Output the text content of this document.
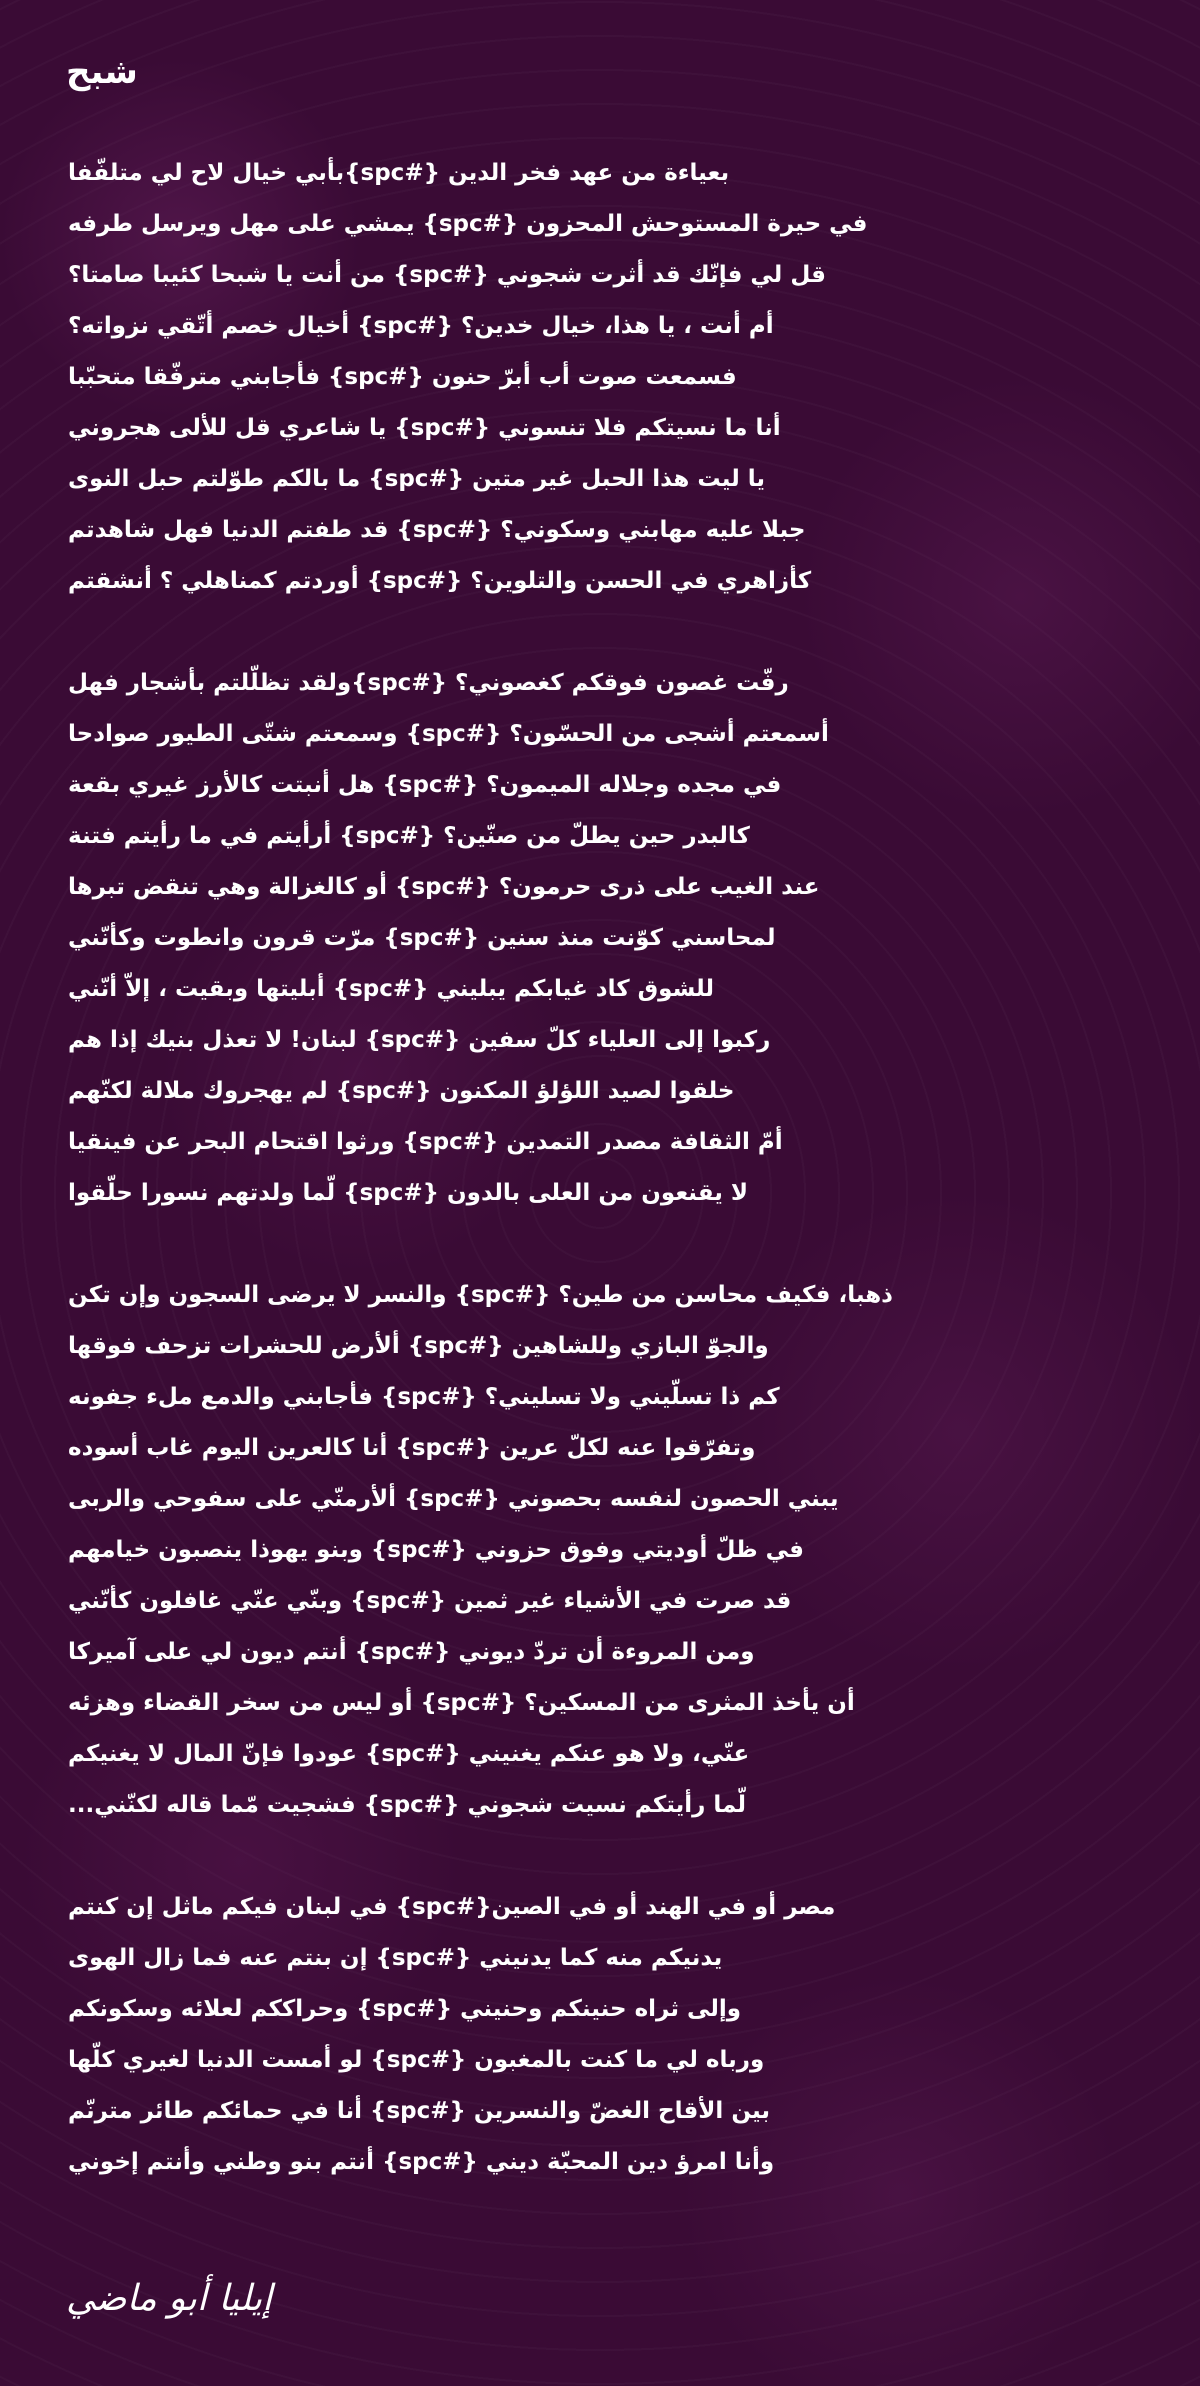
شبح
بعياءة من عهد فخر الدين {#spc}بأبي خيال لاح لي متلفّفا
في حيرة المستوحش المحزون {#spc} يمشي على مهل ويرسل طرفه
قل لي فإنّك قد أثرت شجوني {#spc} من أنت يا شبحا كئيبا صامتا؟
أم أنت ، يا هذا، خيال خدين؟ {#spc} أخيال خصم أتّقي نزواته؟
فسمعت صوت أب أبرّ حنون {#spc} فأجابني مترفّقا متحبّبا
أنا ما نسيتكم فلا تنسوني {#spc} يا شاعري قل للألى هجروني
يا ليت هذا الحبل غير متين {#spc} ما بالكم طوّلتم حبل النوى
جبلا عليه مهابني وسكوني؟ {#spc} قد طفتم الدنيا فهل شاهدتم
كأزاهري في الحسن والتلوين؟ {#spc} أوردتم كمناهلي ؟ أنشقتم
رفّت غصون فوقكم كغصوني؟ {#spc}ولقد تظلّلتم بأشجار فهل
أسمعتم أشجى من الحسّون؟ {#spc} وسمعتم شتّى الطيور صوادحا
في مجده وجلاله الميمون؟ {#spc} هل أنبتت كالأرز غيري بقعة
كالبدر حين يطلّ من صنّين؟ {#spc} أرأيتم في ما رأيتم فتنة
عند الغيب على ذرى حرمون؟ {#spc} أو كالغزالة وهي تنقض تبرها
لمحاسني كوّنت منذ سنين {#spc} مرّت قرون وانطوت وكأنّني
للشوق كاد غيابكم يبليني {#spc} أبليتها وبقيت ، إلاّ أنّني
ركبوا إلى العلياء كلّ سفين {#spc} لبنان! لا تعذل بنيك إذا هم
خلقوا لصيد اللؤلؤ المكنون {#spc} لم يهجروك ملالة لكنّهم
أمّ الثقافة مصدر التمدين {#spc} ورثوا اقتحام البحر عن فينقيا
لا يقنعون من العلى بالدون {#spc} لّما ولدتهم نسورا حلّقوا
ذهبا، فكيف محاسن من طين؟ {#spc} والنسر لا يرضى السجون وإن تكن
والجوّ البازي وللشاهين {#spc} ألأرض للحشرات تزحف فوقها
كم ذا تسلّيني ولا تسليني؟ {#spc} فأجابني والدمع ملء جفونه
وتفرّقوا عنه لكلّ عرين {#spc} أنا كالعرين اليوم غاب أسوده
يبني الحصون لنفسه بحصوني {#spc} ألأرمنّي على سفوحي والربى
في ظلّ أوديتي وفوق حزوني {#spc} وبنو يهوذا ينصبون خيامهم
قد صرت في الأشياء غير ثمين {#spc} وبنّي عنّي غافلون كأنّني
ومن المروءة أن تردّ ديوني {#spc} أنتم ديون لي على آميركا
أن يأخذ المثرى من المسكين؟ {#spc} أو ليس من سخر القضاء وهزئه
عنّي، ولا هو عنكم يغنيني {#spc} عودوا فإنّ المال لا يغنيكم
لّما رأيتكم نسيت شجوني {#spc} فشجيت مّما قاله لكنّني...
مصر أو في الهند أو في الصين{#spc} في لبنان فيكم ماثل إن كنتم
يدنيكم منه كما يدنيني {#spc} إن بنتم عنه فما زال الهوى
وإلى ثراه حنينكم وحنيني {#spc} وحراككم لعلائه وسكونكم
ورباه لي ما كنت بالمغبون {#spc} لو أمست الدنيا لغيري كلّها
بين الأقاح الغضّ والنسرين {#spc} أنا في حمائكم طائر مترنّم
وأنا امرؤ دين المحبّة ديني {#spc} أنتم بنو وطني وأنتم إخوني
إيليا أبو ماضي
